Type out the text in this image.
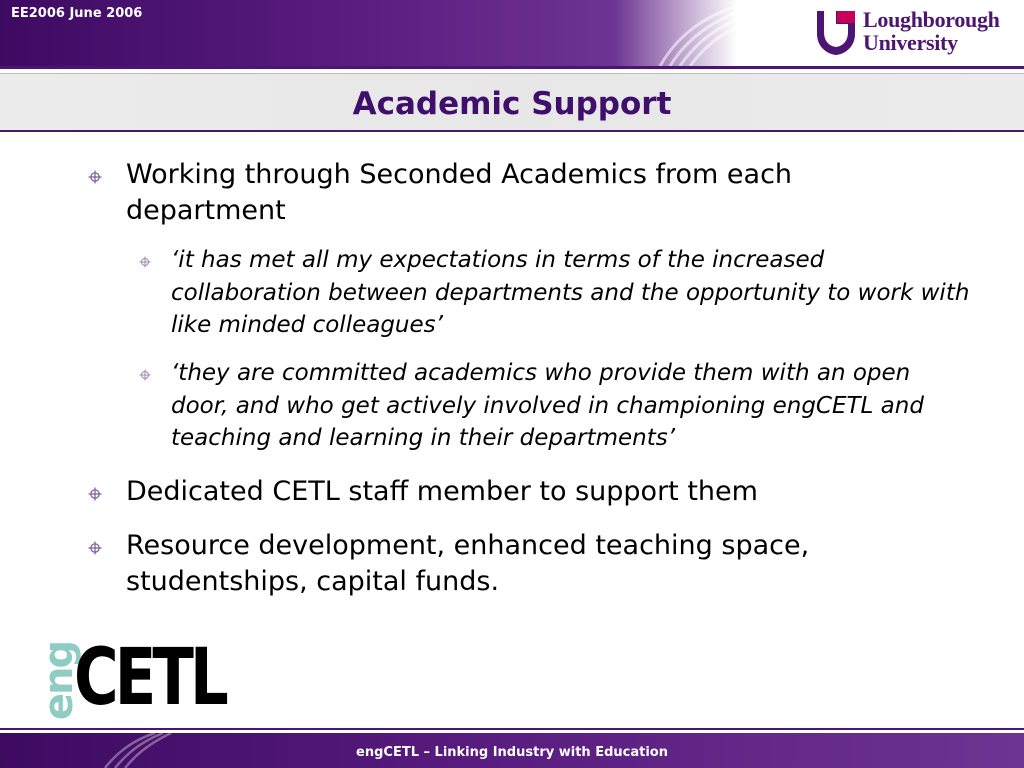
EE2006 June 2006	Loughborough
University
Academic Support
Working through Seconded Academics from each department
‘it has met all my expectations in terms of the increased collaboration between departments and the opportunity to work with like minded colleagues’
‘they are committed academics who provide them with an open door, and who get actively involved in championing engCETL and teaching and learning in their departments’
Dedicated CETL staff member to support them
Resource development, enhanced teaching space, studentships, capital funds.
eng
CETL
engCETL – Linking Industry with Education
